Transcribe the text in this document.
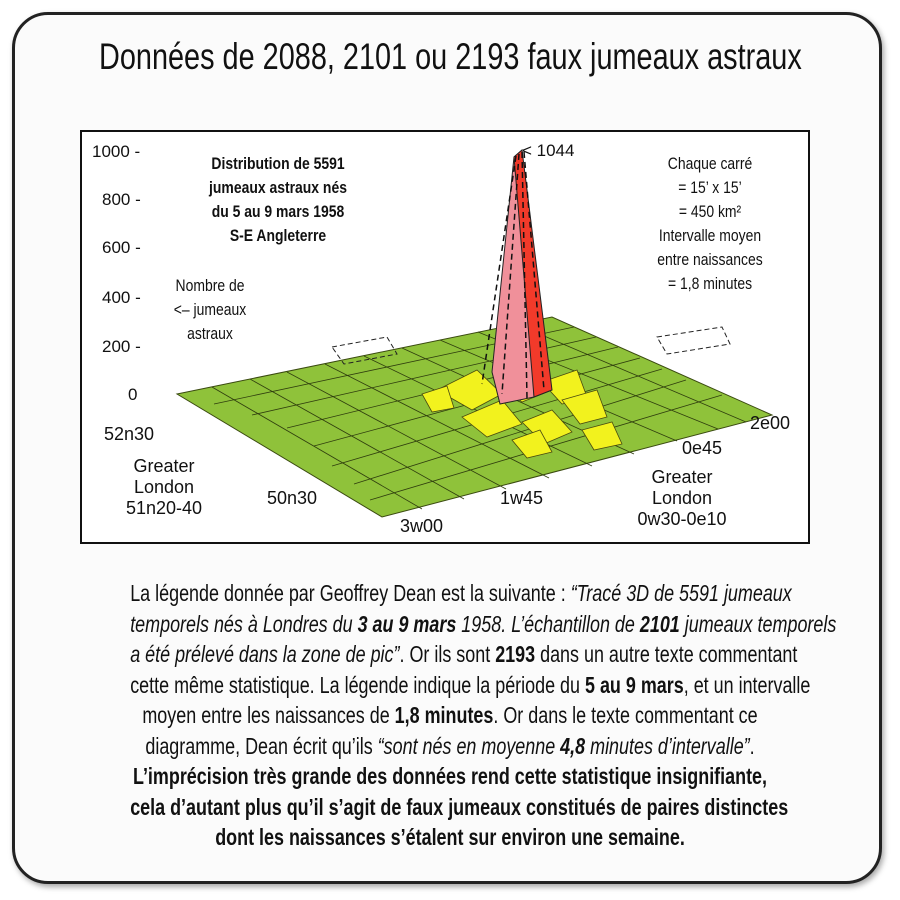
Données de 2088, 2101 ou 2193 faux jumeaux astraux
1000 -
800 -
600 -
400 -
200 -
0
< 1044
52n30
50n30
3w00
1w45
0e45
2e00
Greater
London
51n20-40
Greater
London
0w30-0e10
Distribution de 5591
jumeaux astraux nés
du 5 au 9 mars 1958
S-E Angleterre
Chaque carré
= 15’ x 15’
= 450 km²
Intervalle moyen
entre naissances
= 1,8 minutes
Nombre de
<– jumeaux
astraux
La légende donnée par Geoffrey Dean est la suivante : “Tracé 3D de 5591 jumeaux
temporels nés à Londres du 3 au 9 mars 1958. L’échantillon de 2101 jumeaux temporels
a été prélevé dans la zone de pic”. Or ils sont 2193 dans un autre texte commentant
cette même statistique. La légende indique la période du 5 au 9 mars, et un intervalle
moyen entre les naissances de 1,8 minutes. Or dans le texte commentant ce
diagramme, Dean écrit qu’ils “sont nés en moyenne 4,8 minutes d’intervalle”.
L’imprécision très grande des données rend cette statistique insignifiante,
cela d’autant plus qu’il s’agit de faux jumeaux constitués de paires distinctes
dont les naissances s’étalent sur environ une semaine.
